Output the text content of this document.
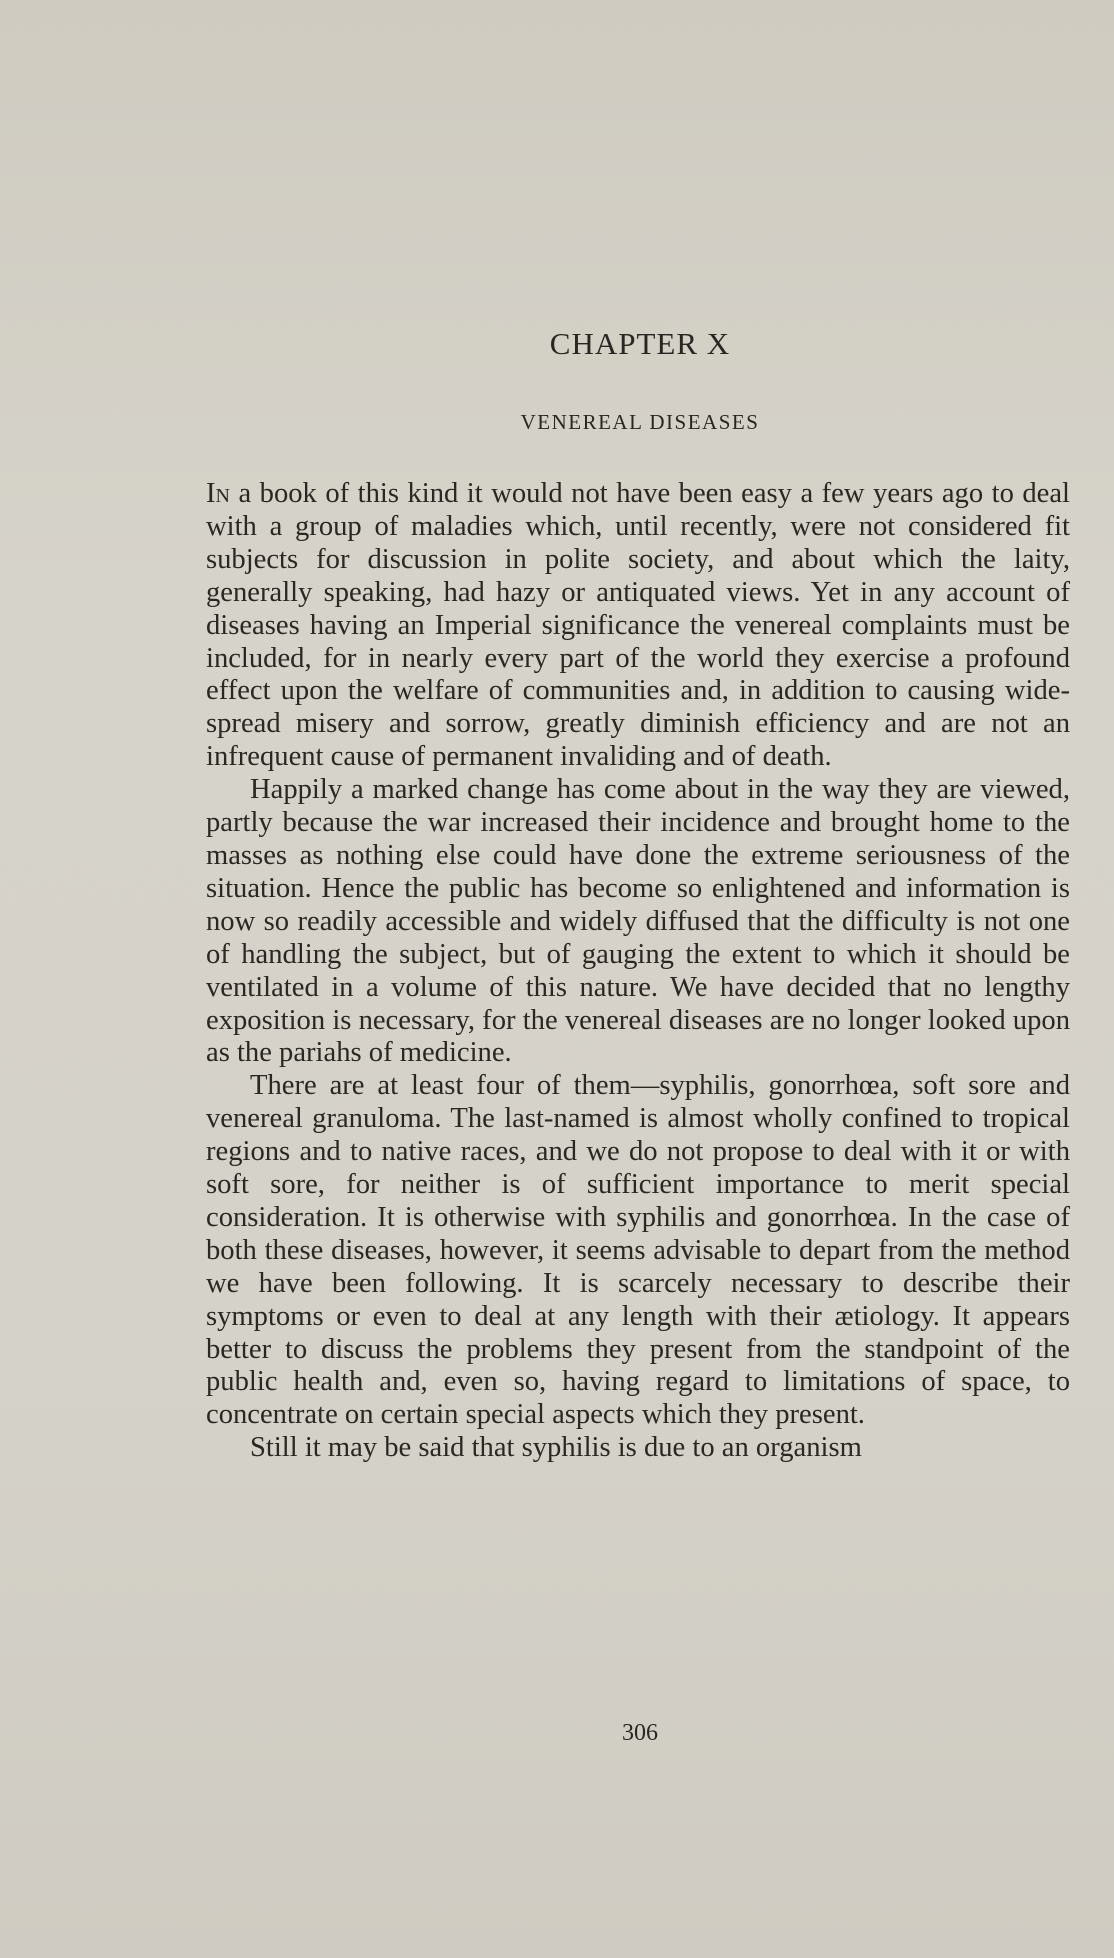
CHAPTER X
VENEREAL DISEASES

In a book of this kind it would not have been easy a few years ago to deal with a group of maladies which, until recently, were not considered fit subjects for discussion in polite society, and about which the laity, generally speaking, had hazy or antiquated views. Yet in any account of diseases having an Imperial significance the venereal complaints must be included, for in nearly every part of the world they exercise a profound effect upon the welfare of communities and, in addition to causing wide-spread misery and sorrow, greatly diminish efficiency and are not an infrequent cause of permanent invaliding and of death.

Happily a marked change has come about in the way they are viewed, partly because the war increased their incidence and brought home to the masses as nothing else could have done the extreme seriousness of the situation. Hence the public has become so enlightened and information is now so readily accessible and widely diffused that the difficulty is not one of handling the subject, but of gauging the extent to which it should be ventilated in a volume of this nature. We have decided that no lengthy exposition is necessary, for the venereal diseases are no longer looked upon as the pariahs of medicine.

There are at least four of them—syphilis, gonorrhœa, soft sore and venereal granuloma. The last-named is almost wholly confined to tropical regions and to native races, and we do not propose to deal with it or with soft sore, for neither is of sufficient importance to merit special consideration. It is otherwise with syphilis and gonorrhœa. In the case of both these diseases, however, it seems advisable to depart from the method we have been following. It is scarcely necessary to describe their symptoms or even to deal at any length with their ætiology. It appears better to discuss the problems they present from the standpoint of the public health and, even so, having regard to limitations of space, to concentrate on certain special aspects which they present.

Still it may be said that syphilis is due to an organism

306
